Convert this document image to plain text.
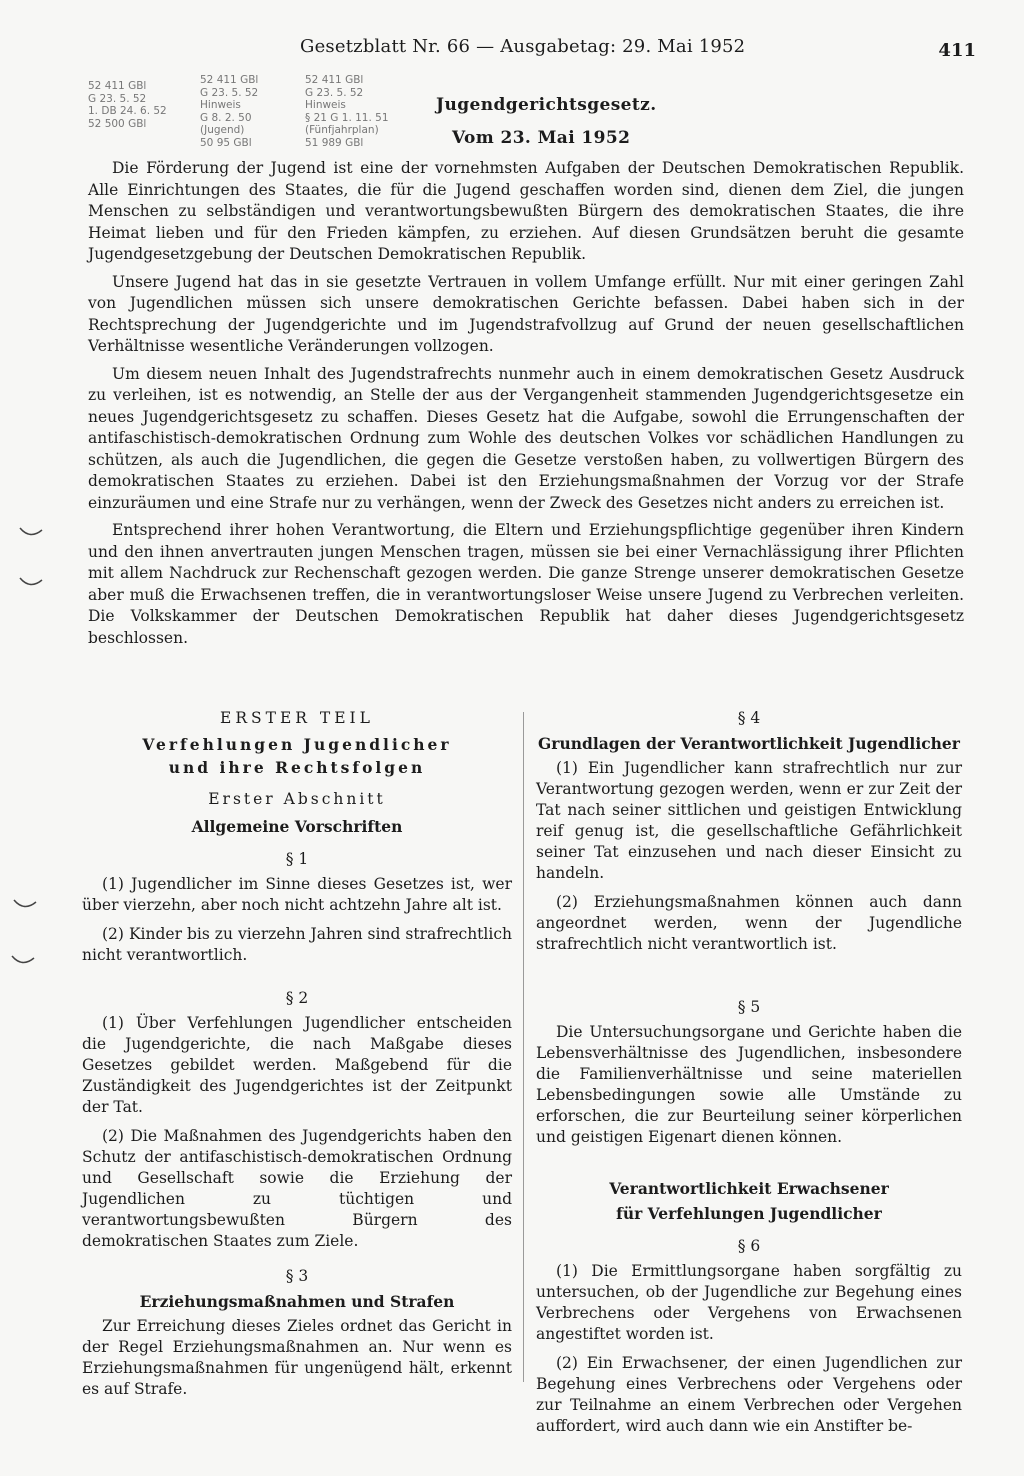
Gesetzblatt Nr. 66 — Ausgabetag: 29. Mai 1952	411
52 411 GBl
G 23. 5. 52
1. DB 24. 6. 52
52 500 GBl
52 411 GBl
G 23. 5. 52
Hinweis
G 8. 2. 50
(Jugend)
50 95 GBl
52 411 GBl
G 23. 5. 52
Hinweis
§ 21 G 1. 11. 51
(Fünfjahrplan)
51 989 GBl
Jugendgerichtsgesetz.
Vom 23. Mai 1952

Die Förderung der Jugend ist eine der vornehmsten Aufgaben der Deutschen Demokratischen Republik. Alle Einrichtungen des Staates, die für die Jugend geschaffen worden sind, dienen dem Ziel, die jungen Menschen zu selbständigen und verantwortungsbewußten Bürgern des demokratischen Staates, die ihre Heimat lieben und für den Frieden kämpfen, zu erziehen. Auf diesen Grundsätzen beruht die gesamte Jugendgesetzgebung der Deutschen Demokratischen Republik.

Unsere Jugend hat das in sie gesetzte Vertrauen in vollem Umfange erfüllt. Nur mit einer geringen Zahl von Jugendlichen müssen sich unsere demokratischen Gerichte befassen. Dabei haben sich in der Rechtsprechung der Jugendgerichte und im Jugendstrafvollzug auf Grund der neuen gesellschaftlichen Verhältnisse wesentliche Veränderungen vollzogen.

Um diesem neuen Inhalt des Jugendstrafrechts nunmehr auch in einem demokratischen Gesetz Ausdruck zu verleihen, ist es notwendig, an Stelle der aus der Vergangenheit stammenden Jugendgerichtsgesetze ein neues Jugendgerichtsgesetz zu schaffen. Dieses Gesetz hat die Aufgabe, sowohl die Errungenschaften der antifaschistisch-demokratischen Ordnung zum Wohle des deutschen Volkes vor schädlichen Handlungen zu schützen, als auch die Jugendlichen, die gegen die Gesetze verstoßen haben, zu vollwertigen Bürgern des demokratischen Staates zu erziehen. Dabei ist den Erziehungsmaßnahmen der Vorzug vor der Strafe einzuräumen und eine Strafe nur zu verhängen, wenn der Zweck des Gesetzes nicht anders zu erreichen ist.

Entsprechend ihrer hohen Verantwortung, die Eltern und Erziehungspflichtige gegenüber ihren Kindern und den ihnen anvertrauten jungen Menschen tragen, müssen sie bei einer Vernachlässigung ihrer Pflichten mit allem Nachdruck zur Rechenschaft gezogen werden. Die ganze Strenge unserer demokratischen Gesetze aber muß die Erwachsenen treffen, die in verantwortungsloser Weise unsere Jugend zu Verbrechen verleiten. Die Volkskammer der Deutschen Demokratischen Republik hat daher dieses Jugendgerichtsgesetz beschlossen.

ERSTER TEIL
Verfehlungen Jugendlicher
und ihre Rechtsfolgen
Erster Abschnitt
Allgemeine Vorschriften
§ 1

(1) Jugendlicher im Sinne dieses Gesetzes ist, wer über vierzehn, aber noch nicht achtzehn Jahre alt ist.

(2) Kinder bis zu vierzehn Jahren sind strafrechtlich nicht verantwortlich.

§ 2

(1) Über Verfehlungen Jugendlicher entscheiden die Jugendgerichte, die nach Maßgabe dieses Gesetzes gebildet werden. Maßgebend für die Zuständigkeit des Jugendgerichtes ist der Zeitpunkt der Tat.

(2) Die Maßnahmen des Jugendgerichts haben den Schutz der antifaschistisch-demokratischen Ordnung und Gesellschaft sowie die Erziehung der Jugendlichen zu tüchtigen und verantwortungsbewußten Bürgern des demokratischen Staates zum Ziele.

§ 3
Erziehungsmaßnahmen und Strafen

Zur Erreichung dieses Zieles ordnet das Gericht in der Regel Erziehungsmaßnahmen an. Nur wenn es Erziehungsmaßnahmen für ungenügend hält, erkennt es auf Strafe.

§ 4
Grundlagen der Verantwortlichkeit Jugendlicher

(1) Ein Jugendlicher kann strafrechtlich nur zur Verantwortung gezogen werden, wenn er zur Zeit der Tat nach seiner sittlichen und geistigen Entwicklung reif genug ist, die gesellschaftliche Gefährlichkeit seiner Tat einzusehen und nach dieser Einsicht zu handeln.

(2) Erziehungsmaßnahmen können auch dann angeordnet werden, wenn der Jugendliche strafrechtlich nicht verantwortlich ist.

§ 5

Die Untersuchungsorgane und Gerichte haben die Lebensverhältnisse des Jugendlichen, insbesondere die Familienverhältnisse und seine materiellen Lebensbedingungen sowie alle Umstände zu erforschen, die zur Beurteilung seiner körperlichen und geistigen Eigenart dienen können.

Verantwortlichkeit Erwachsener
für Verfehlungen Jugendlicher
§ 6

(1) Die Ermittlungsorgane haben sorgfältig zu untersuchen, ob der Jugendliche zur Begehung eines Verbrechens oder Vergehens von Erwachsenen angestiftet worden ist.

(2) Ein Erwachsener, der einen Jugendlichen zur Begehung eines Verbrechens oder Vergehens oder zur Teilnahme an einem Verbrechen oder Vergehen auffordert, wird auch dann wie ein Anstifter be-
